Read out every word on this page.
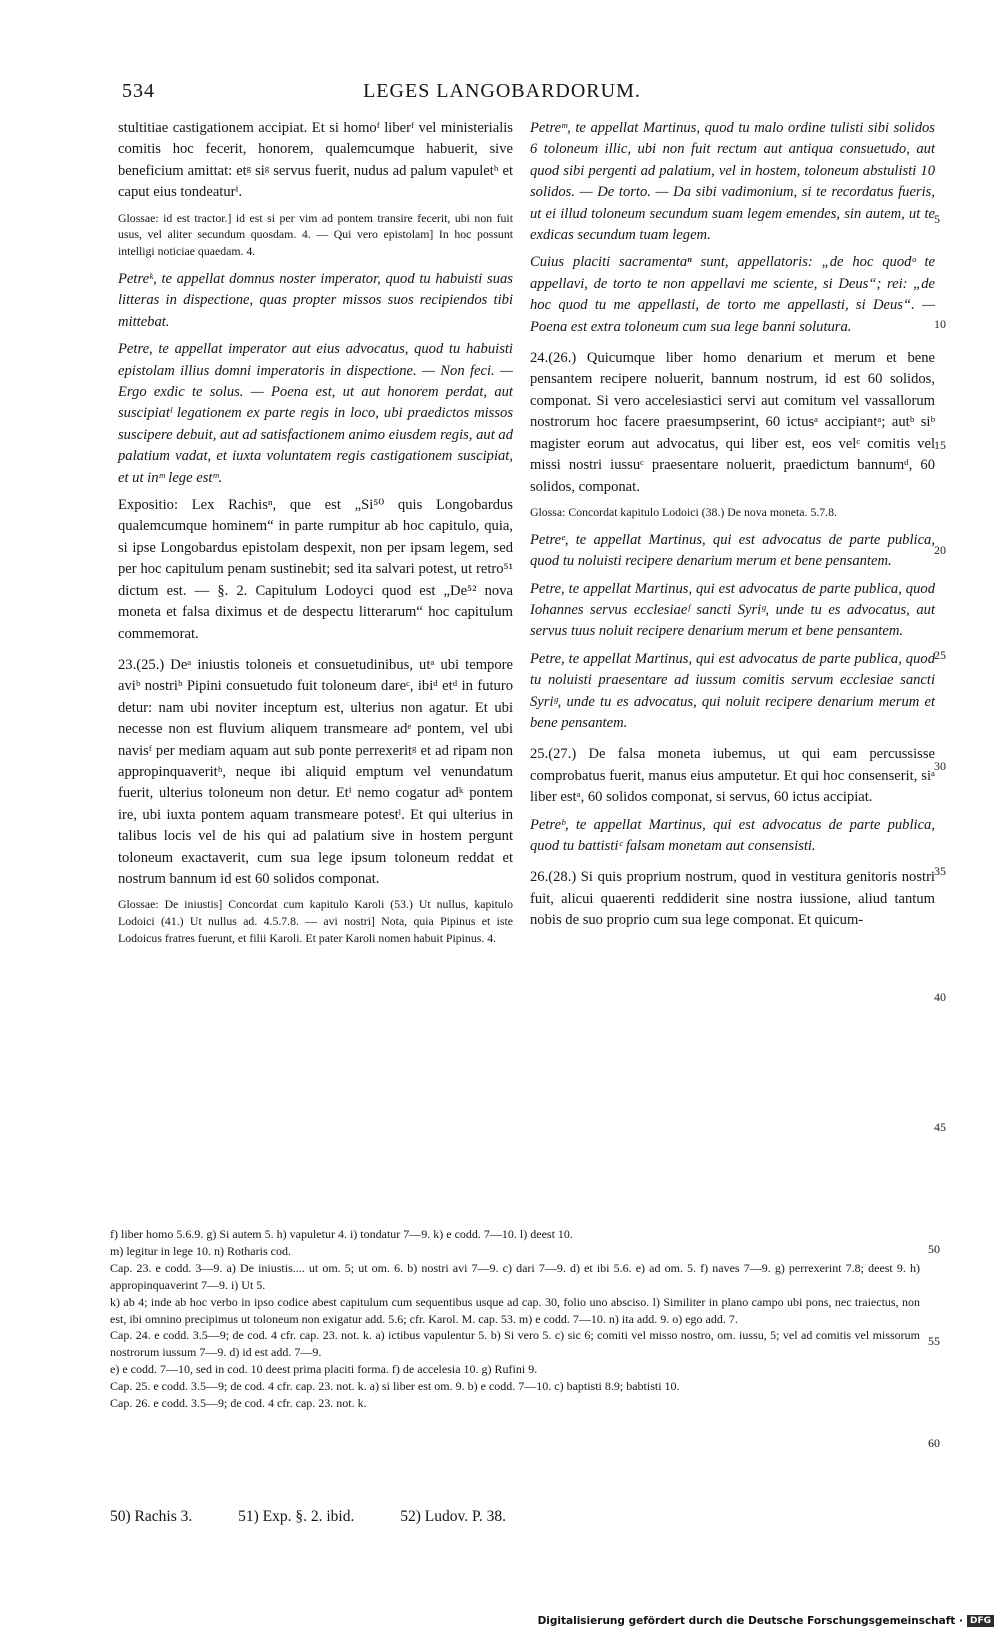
534	LEGES LANGOBARDORUM.

stultitiae castigationem accipiat. Et si homoᶠ liberᶠ vel ministerialis comitis hoc fecerit, honorem, qualemcumque habuerit, sive beneficium amittat: etᵍ siᵍ servus fuerit, nudus ad palum vapuletʰ et caput eius tondeaturⁱ.

Glossae: id est tractor.] id est si per vim ad pontem transire fecerit, ubi non fuit usus, vel aliter secundum quosdam. 4. — Qui vero epistolam] In hoc possunt intelligi noticiae quaedam. 4.

Petreᵏ, te appellat domnus noster imperator, quod tu habuisti suas litteras in dispectione, quas propter missos suos recipiendos tibi mittebat.

Petre, te appellat imperator aut eius advocatus, quod tu habuisti epistolam illius domni imperatoris in dispectione. — Non feci. — Ergo exdic te solus. — Poena est, ut aut honorem perdat, aut suscipiatˡ legationem ex parte regis in loco, ubi praedictos missos suscipere debuit, aut ad satisfactionem animo eiusdem regis, aut ad palatium vadat, et iuxta voluntatem regis castigationem suscipiat, et ut inᵐ lege estᵐ.

Expositio: Lex Rachisⁿ, que est „Si⁵⁰ quis Longobardus qualemcumque hominem“ in parte rumpitur ab hoc capitulo, quia, si ipse Longobardus epistolam despexit, non per ipsam legem, sed per hoc capitulum penam sustinebit; sed ita salvari potest, ut retro⁵¹ dictum est. — §. 2. Capitulum Lodoyci quod est „De⁵² nova moneta et falsa diximus et de despectu litterarum“ hoc capitulum commemorat.

23.(25.) Deᵃ iniustis toloneis et consuetudinibus, utᵃ ubi tempore aviᵇ nostriᵇ Pipini consuetudo fuit toloneum dareᶜ, ibiᵈ etᵈ in futuro detur: nam ubi noviter inceptum est, ulterius non agatur. Et ubi necesse non est fluvium aliquem transmeare adᵉ pontem, vel ubi navisᶠ per mediam aquam aut sub ponte perrexeritᵍ et ad ripam non appropinquaveritʰ, neque ibi aliquid emptum vel venundatum fuerit, ulterius toloneum non detur. Etⁱ nemo cogatur adᵏ pontem ire, ubi iuxta pontem aquam transmeare potestˡ. Et qui ulterius in talibus locis vel de his qui ad palatium sive in hostem pergunt toloneum exactaverit, cum sua lege ipsum toloneum reddat et nostrum bannum id est 60 solidos componat.

Glossae: De iniustis] Concordat cum kapitulo Karoli (53.) Ut nullus, kapitulo Lodoici (41.) Ut nullus ad. 4.5.7.8. — avi nostri] Nota, quia Pipinus et iste Lodoicus fratres fuerunt, et filii Karoli. Et pater Karoli nomen habuit Pipinus. 4.

Petreᵐ, te appellat Martinus, quod tu malo ordine tulisti sibi solidos 6 toloneum illic, ubi non fuit rectum aut antiqua consuetudo, aut quod sibi pergenti ad palatium, vel in hostem, toloneum abstulisti 10 solidos. — De torto. — Da sibi vadimonium, si te recordatus fueris, ut ei illud toloneum secundum suam legem emendes, sin autem, ut te exdicas secundum tuam legem.

Cuius placiti sacramentaⁿ sunt, appellatoris: „de hoc quodᵒ te appellavi, de torto te non appellavi me sciente, si Deus“; rei: „de hoc quod tu me appellasti, de torto me appellasti, si Deus“. — Poena est extra toloneum cum sua lege banni solutura.

24.(26.) Quicumque liber homo denarium et merum et bene pensantem recipere noluerit, bannum nostrum, id est 60 solidos, componat. Si vero accelesiastici servi aut comitum vel vassallorum nostrorum hoc facere praesumpserint, 60 ictusᵃ accipiantᵃ; autᵇ siᵇ magister eorum aut advocatus, qui liber est, eos velᶜ comitis vel missi nostri iussuᶜ praesentare noluerit, praedictum bannumᵈ, 60 solidos, componat.

Glossa: Concordat kapitulo Lodoici (38.) De nova moneta. 5.7.8.

Petreᵉ, te appellat Martinus, qui est advocatus de parte publica, quod tu noluisti recipere denarium merum et bene pensantem.

Petre, te appellat Martinus, qui est advocatus de parte publica, quod Iohannes servus ecclesiaeᶠ sancti Syriᵍ, unde tu es advocatus, aut servus tuus noluit recipere denarium merum et bene pensantem.

Petre, te appellat Martinus, qui est advocatus de parte publica, quod tu noluisti praesentare ad iussum comitis servum ecclesiae sancti Syriᵍ, unde tu es advocatus, qui noluit recipere denarium merum et bene pensantem.

25.(27.) De falsa moneta iubemus, ut qui eam percussisse comprobatus fuerit, manus eius amputetur. Et qui hoc consenserit, siᵃ liber estᵃ, 60 solidos componat, si servus, 60 ictus accipiat.

Petreᵇ, te appellat Martinus, qui est advocatus de parte publica, quod tu battistiᶜ falsam monetam aut consensisti.

26.(28.) Si quis proprium nostrum, quod in vestitura genitoris nostri fuit, alicui quaerenti reddiderit sine nostra iussione, aliud tantum nobis de suo proprio cum sua lege componat. Et quicum-

5
10
15
20
25
30
35
40
45

f) liber homo 5.6.9. g) Si autem 5. h) vapuletur 4. i) tondatur 7—9. k) e codd. 7—10. l) deest 10.

m) legitur in lege 10. n) Rotharis cod.

Cap. 23. e codd. 3—9. a) De iniustis.... ut om. 5; ut om. 6. b) nostri avi 7—9. c) dari 7—9. d) et ibi 5.6. e) ad om. 5. f) naves 7—9. g) perrexerint 7.8; deest 9. h) appropinquaverint 7—9. i) Ut 5.

k) ab 4; inde ab hoc verbo in ipso codice abest capitulum cum sequentibus usque ad cap. 30, folio uno absciso. l) Similiter in plano campo ubi pons, nec traiectus, non est, ibi omnino precipimus ut toloneum non exigatur add. 5.6; cfr. Karol. M. cap. 53. m) e codd. 7—10. n) ita add. 9. o) ego add. 7.

Cap. 24. e codd. 3.5—9; de cod. 4 cfr. cap. 23. not. k. a) ictibus vapulentur 5. b) Si vero 5. c) sic 6; comiti vel misso nostro, om. iussu, 5; vel ad comitis vel missorum nostrorum iussum 7—9. d) id est add. 7—9.

e) e codd. 7—10, sed in cod. 10 deest prima placiti forma. f) de accelesia 10. g) Rufini 9.

Cap. 25. e codd. 3.5—9; de cod. 4 cfr. cap. 23. not. k. a) si liber est om. 9. b) e codd. 7—10. c) baptisti 8.9; babtisti 10.

Cap. 26. e codd. 3.5—9; de cod. 4 cfr. cap. 23. not. k.

50
55
60
50) Rachis 3.	51) Exp. §. 2. ibid.	52) Ludov. P. 38.
Digitalisierung gefördert durch die Deutsche Forschungsgemeinschaft · DFG
